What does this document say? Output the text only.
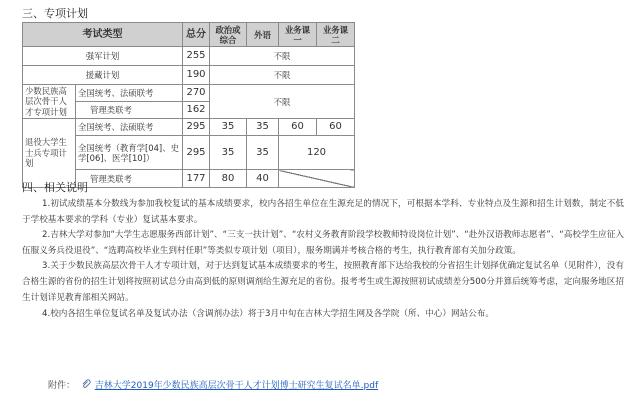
三、专项计划
考试类型		总分	政治或综合	外语	业务课一	业务课二
强军计划		255	不限			
援藏计划		190	不限			
少数民族高层次骨干人才专项计划	全国统考、法硕联考	270	不限			
	管理类联考	162				
退役大学生士兵专项计划	全国统考、法硕联考	295	35	35	60	60
	全国统考（教育学[04]、史学[06]、医学[10]）	295	35	35	120	
	管理类联考	177	80	40		
四、相关说明

1.初试成绩基本分数线为参加我校复试的基本成绩要求，校内各招生单位在生源充足的情况下，可根据本学科、专业特点及生源和招生计划数，制定不低于学校基本要求的学科（专业）复试基本要求。

2.吉林大学对参加“大学生志愿服务西部计划”、“三支一扶计划”、“农村义务教育阶段学校教师特设岗位计划”、“赴外汉语教师志愿者”、“高校学生应征入伍服义务兵役退役”、“选聘高校毕业生到村任职”等类似专项计划（项目），服务期满并考核合格的考生，执行教育部有关加分政策。

3.关于少数民族高层次骨干人才专项计划，对于达到复试基本成绩要求的考生，按照教育部下达给我校的分省招生计划择优确定复试名单（见附件），没有合格生源的省份的招生计划将按照初试总分由高到低的原则调剂给生源充足的省份。报考考生或生源按照初试成绩差分500分并算后统筹考虑，定向服务地区招生计划详见教育部相关网站。

4.校内各招生单位复试名单及复试办法（含调剂办法）将于3月中旬在吉林大学招生网及各学院（所、中心）网站公布。

附件： 吉林大学2019年少数民族高层次骨干人才计划博士研究生复试名单.pdf
